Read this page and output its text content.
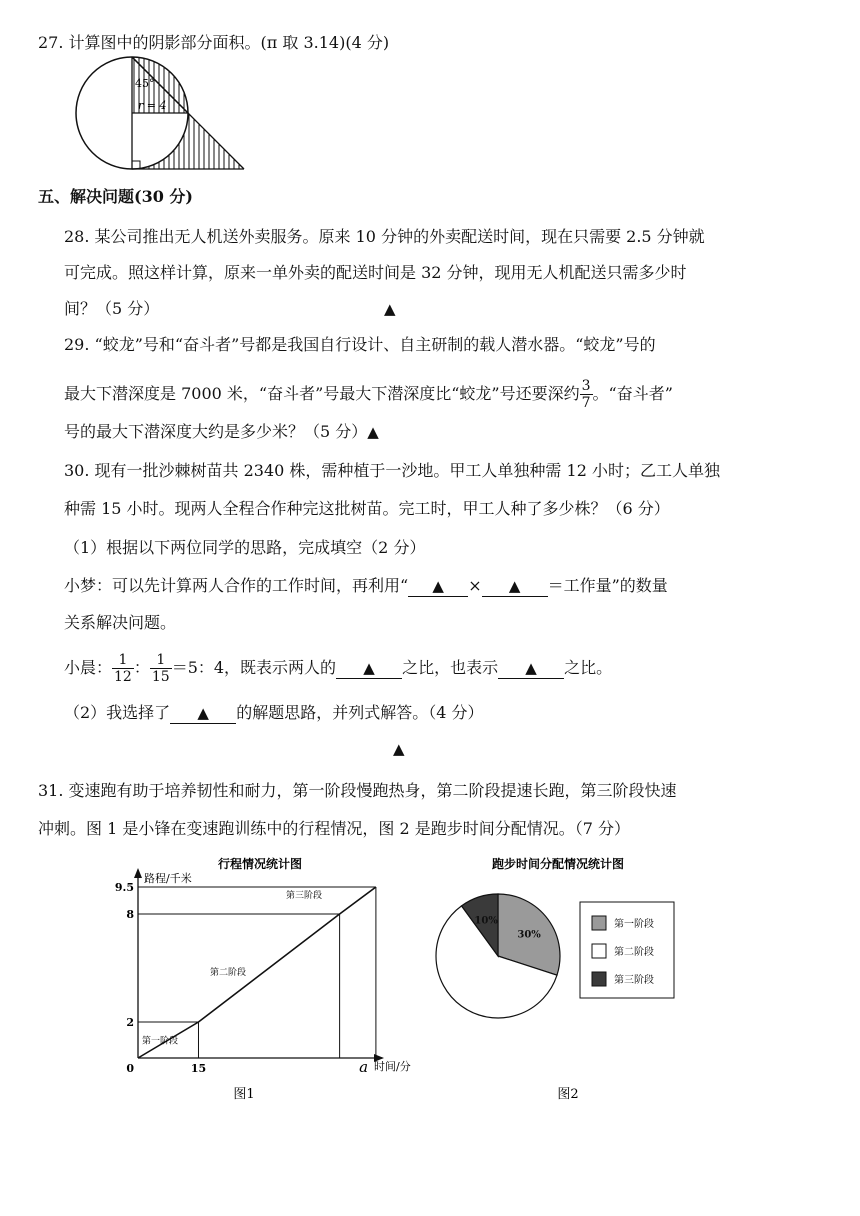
27. 计算图中的阴影部分面积。(π 取 3.14)(4 分)
45°
r = 4
五、解决问题(30 分)
28. 某公司推出无人机送外卖服务。原来 10 分钟的外卖配送时间，现在只需要 2.5 分钟就
可完成。照这样计算，原来一单外卖的配送时间是 32 分钟，现用无人机配送只需多少时
间？（5 分）	▲
29. “蛟龙”号和“奋斗者”号都是我国自行设计、自主研制的载人潜水器。“蛟龙”号的
最大下潜深度是 7000 米，“奋斗者”号最大下潜深度比“蛟龙”号还要深约 $\frac{3}{7}$ 。“奋斗者”
号的最大下潜深度大约是多少米？（5 分）▲
30. 现有一批沙棘树苗共 2340 株，需种植于一沙地。甲工人单独种需 12 小时；乙工人单独
种需 15 小时。现两人全程合作种完这批树苗。完工时，甲工人种了多少株？（6 分）
（1）根据以下两位同学的思路，完成填空（2 分）
小梦：可以先计算两人合作的工作时间，再利用“ ▲ × ▲ ＝工作量”的数量
关系解决问题。
小晨： $\frac{1}{12}$ ： $\frac{1}{15} =5$：4，既表示两人的 ▲ 之比，也表示 ▲ 之比。
（2）我选择了 ▲ 的解题思路，并列式解答。（4 分）
▲
31. 变速跑有助于培养韧性和耐力，第一阶段慢跑热身，第二阶段提速长跑，第三阶段快速
冲刺。图 1 是小锋在变速跑训练中的行程情况，图 2 是跑步时间分配情况。（7 分）
行程情况统计图
路程/千米
时间/分
2
8
9.5
0	15	a
第一阶段
第二阶段
第三阶段
图1
跑步时间分配情况统计图
30%
10%	第一阶段
第二阶段
第三阶段
图2
